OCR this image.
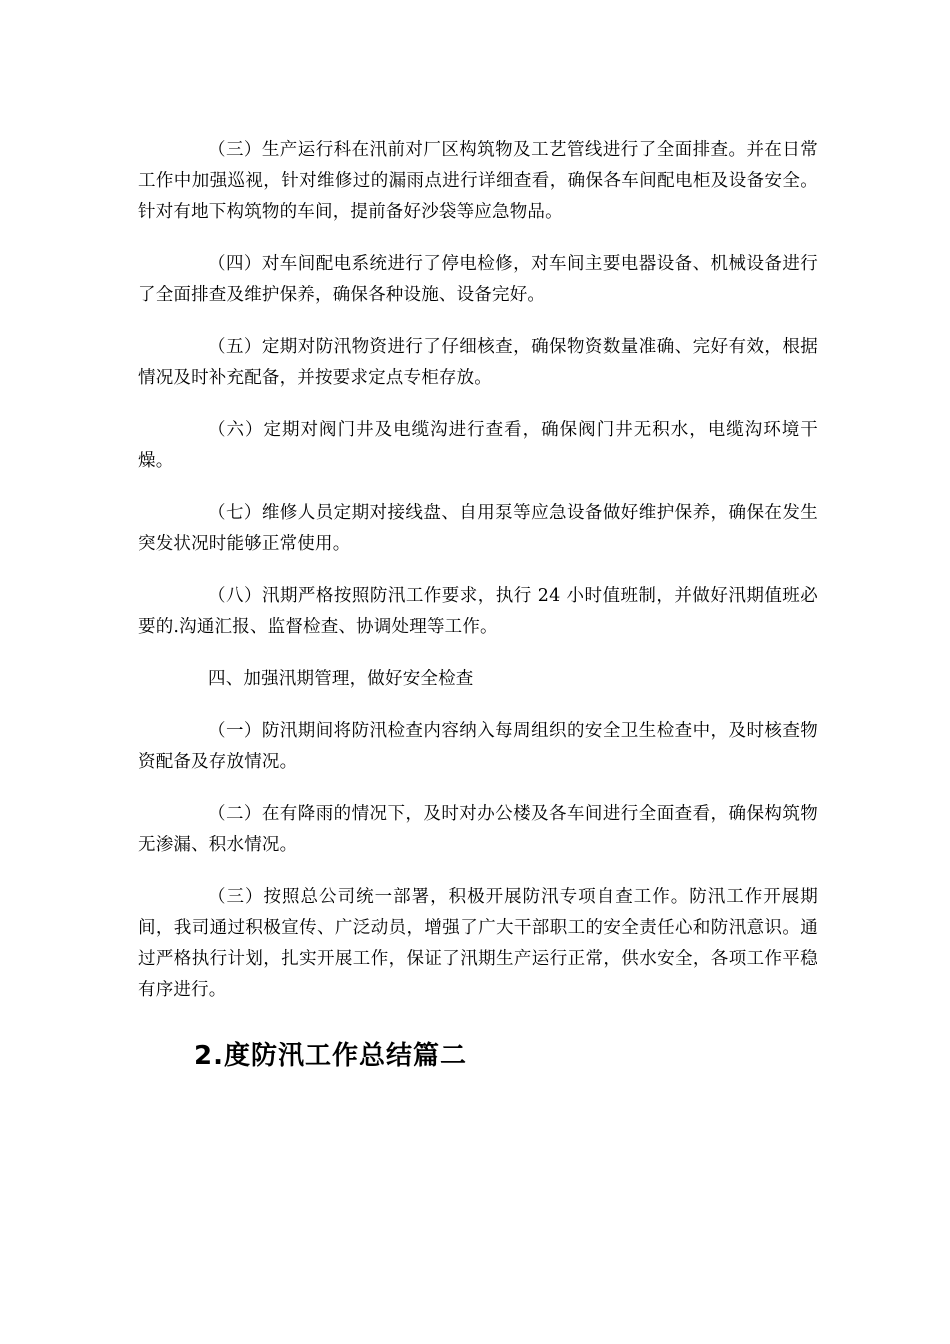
（三）生产运行科在汛前对厂区构筑物及工艺管线进行了全面排查。并在日常工作中加强巡视，针对维修过的漏雨点进行详细查看，确保各车间配电柜及设备安全。针对有地下构筑物的车间，提前备好沙袋等应急物品。

（四）对车间配电系统进行了停电检修，对车间主要电器设备、机械设备进行了全面排查及维护保养，确保各种设施、设备完好。

（五）定期对防汛物资进行了仔细核查，确保物资数量准确、完好有效，根据情况及时补充配备，并按要求定点专柜存放。

（六）定期对阀门井及电缆沟进行查看，确保阀门井无积水，电缆沟环境干燥。

（七）维修人员定期对接线盘、自用泵等应急设备做好维护保养，确保在发生突发状况时能够正常使用。

（八）汛期严格按照防汛工作要求，执行 24 小时值班制，并做好汛期值班必要的.沟通汇报、监督检查、协调处理等工作。

四、加强汛期管理，做好安全检查

（一）防汛期间将防汛检查内容纳入每周组织的安全卫生检查中，及时核查物资配备及存放情况。

（二）在有降雨的情况下，及时对办公楼及各车间进行全面查看，确保构筑物无渗漏、积水情况。

（三）按照总公司统一部署，积极开展防汛专项自查工作。防汛工作开展期间，我司通过积极宣传、广泛动员，增强了广大干部职工的安全责任心和防汛意识。通过严格执行计划，扎实开展工作，保证了汛期生产运行正常，供水安全，各项工作平稳有序进行。

2.度防汛工作总结篇二
